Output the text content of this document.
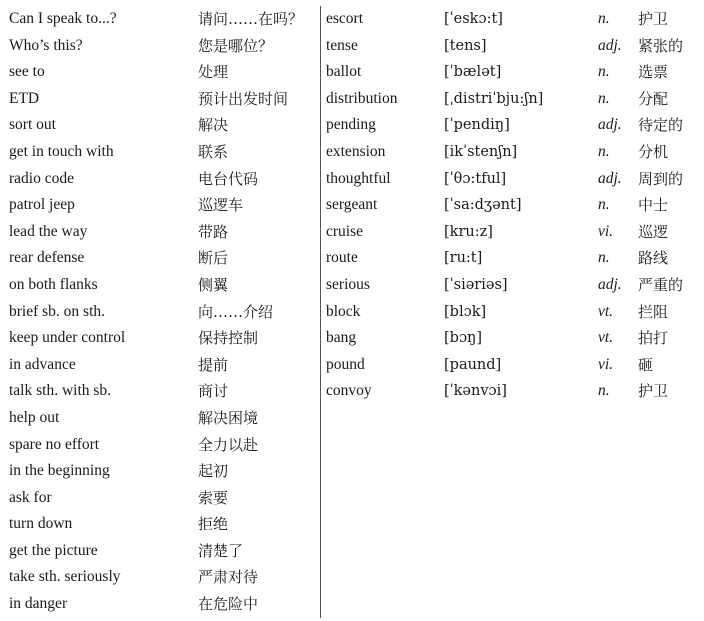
Can I speak to...?	请问……在吗？
Who’s this?	您是哪位？
see to	处理
ETD	预计出发时间
sort out	解决
get in touch with	联系
radio code	电台代码
patrol jeep	巡逻车
lead the way	带路
rear defense	断后
on both flanks	侧翼
brief sb. on sth.	向……介绍
keep under control	保持控制
in advance	提前
talk sth. with sb.	商讨
help out	解决困境
spare no effort	全力以赴
in the beginning	起初
ask for	索要
turn down	拒绝
get the picture	清楚了
take sth. seriously	严肃对待
in danger	在危险中
escort	[ˈeskɔ:t]	n. 护卫
tense	[tens]	adj. 紧张的
ballot	[ˈbælət]	n. 选票
distribution	[ˌdistriˈbju:ʃn]	n. 分配
pending	[ˈpendiŋ]	adj. 待定的
extension	[ikˈstenʃn]	n. 分机
thoughtful	[ˈθɔ:tful]	adj. 周到的
sergeant	[ˈsa:dʒənt]	n. 中士
cruise	[kru:z]	vi. 巡逻
route	[ru:t]	n. 路线
serious	[ˈsiəriəs]	adj. 严重的
block	[blɔk]	vt. 拦阻
bang	[bɔŋ]	vt. 拍打
pound	[paund]	vi. 砸
convoy	[ˈkənvɔi]	n. 护卫
